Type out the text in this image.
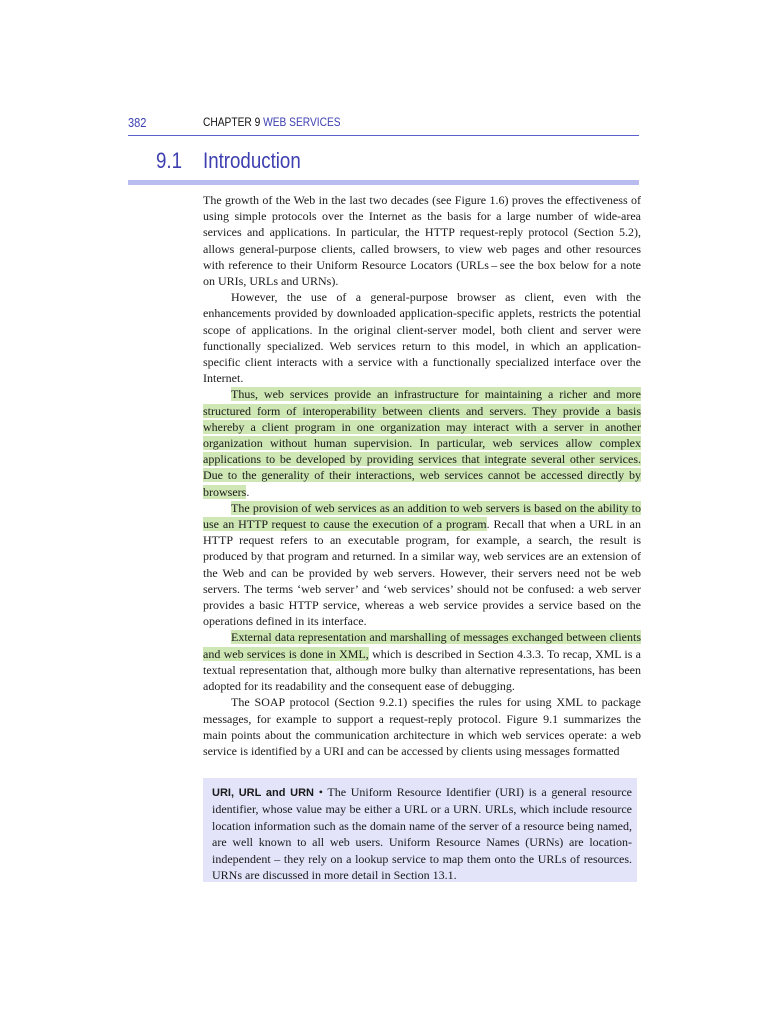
382	CHAPTER 9 WEB SERVICES
9.1 Introduction

The growth of the Web in the last two decades (see Figure 1.6) proves the effectiveness of using simple protocols over the Internet as the basis for a large number of wide-area services and applications. In particular, the HTTP request-reply protocol (Section 5.2), allows general-purpose clients, called browsers, to view web pages and other resources with reference to their Uniform Resource Locators (URLs – see the box below for a note on URIs, URLs and URNs).

However, the use of a general-purpose browser as client, even with the enhancements provided by downloaded application-specific applets, restricts the potential scope of applications. In the original client-server model, both client and server were functionally specialized. Web services return to this model, in which an application-specific client interacts with a service with a functionally specialized interface over the Internet.

Thus, web services provide an infrastructure for maintaining a richer and more structured form of interoperability between clients and servers. They provide a basis whereby a client program in one organization may interact with a server in another organization without human supervision. In particular, web services allow complex applications to be developed by providing services that integrate several other services. Due to the generality of their interactions, web services cannot be accessed directly by browsers.

The provision of web services as an addition to web servers is based on the ability to use an HTTP request to cause the execution of a program. Recall that when a URL in an HTTP request refers to an executable program, for example, a search, the result is produced by that program and returned. In a similar way, web services are an extension of the Web and can be provided by web servers. However, their servers need not be web servers. The terms ‘web server’ and ‘web services’ should not be confused: a web server provides a basic HTTP service, whereas a web service provides a service based on the operations defined in its interface.

External data representation and marshalling of messages exchanged between clients and web services is done in XML, which is described in Section 4.3.3. To recap, XML is a textual representation that, although more bulky than alternative representations, has been adopted for its readability and the consequent ease of debugging.

The SOAP protocol (Section 9.2.1) specifies the rules for using XML to package messages, for example to support a request-reply protocol. Figure 9.1 summarizes the main points about the communication architecture in which web services operate: a web service is identified by a URI and can be accessed by clients using messages formatted

URI, URL and URN • The Uniform Resource Identifier (URI) is a general resource identifier, whose value may be either a URL or a URN. URLs, which include resource location information such as the domain name of the server of a resource being named, are well known to all web users. Uniform Resource Names (URNs) are location-independent – they rely on a lookup service to map them onto the URLs of resources. URNs are discussed in more detail in Section 13.1.
